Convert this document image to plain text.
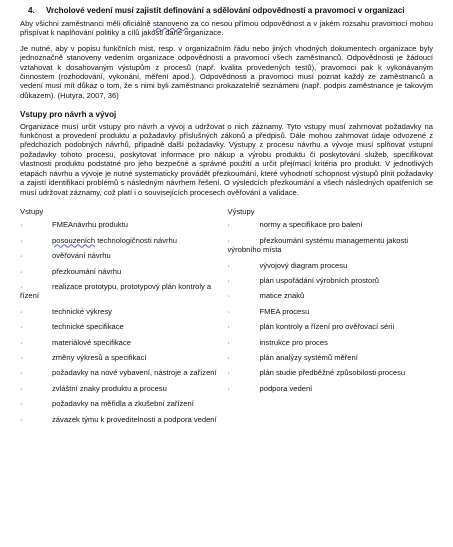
4. Vrcholové vedení musí zajistit definování a sdělování odpovědností a pravomocí v organizaci
Aby všichni zaměstnanci měli oficiálně stanoveno za co nesou přímou odpovědnost a v jakém rozsahu pravomocí mohou přispívat k naplňování politiky a cílů jakosti dané organizace.
Je nutné, aby v popisu funkčních míst, resp. v organizačním řádu nebo jiných vhodných dokumentech organizace byly jednoznačně stanoveny vedením organizace odpovědnosti a pravomoci všech zaměstnanců. Odpovědnosti je žádoucí vztahovat k dosahovaným výstupům z procesů (např. kvalita provedených testů), pravomoci pak k vykonávaným činnostem (rozhodování, vykonání, měření apod.). Odpovědnosti a pravomoci musí poznat každý ze zaměstnanců a vedení musí mít důkaz o tom, že s nimi byli zaměstnanci prokazatelně seznámeni (např. podpis zaměstnance je takovým důkazem). (Hutyra, 2007, 36)
Vstupy pro návrh a vývoj
Organizace musí určit vstupy pro návrh a vývoj a udržovat o nich záznamy. Tyto vstupy musí zahrnovat požadavky na funkčnost a provedení produktu a požadavky příslušných zákonů a předpisů. Dále mohou zahrnovat údaje odvozené z předchozích podobných návrhů, případně další požadavky. Výstupy z procesu návrhu a vývoje musí splňovat vstupní požadavky tohoto procesu, poskytovat informace pro nákup a výrobu produktu či poskytování služeb, specifikovat vlastnosti produktu podstatné pro jeho bezpečné a správné použití a určit přejímací kritéria pro produkt. V jednotlivých etapách návrhu a vývoje je nutné systematicky provádět přezkoumání, které vyhodnotí schopnost výstupů plnit požadavky a zajistí identifikaci problémů s následným návrhem řešení. O výsledcích přezkoumání a všech následných opatřeních se musí udržovat záznamy, což platí i o souvisejících procesech ověřování a validace.
Vstupy
·	FMEAnávrhu produktu
·	posouzeních technologičnosti návrhu
·	ověřování návrhu
·	přezkoumání návrhu
·	realizace prototypu, prototypový plán kontroly a řízení
·	technické výkresy
·	technické specifikace
·	materiálové specifikace
·	změny výkresů a specifikací
·	požadavky na nové vybavení, nástroje a zařízení
·	zvláštní znaky produktu a procesu
·	požadavky na měřidla a zkušební zařízení
·	závazek týmu k proveditelnosti a podpora vedení
Výstupy
·	normy a specifikace pro balení
·	přezkoumání systému managementu jakosti výrobního místa
·	vývojový diagram procesu
·	plán uspořádání výrobních prostorů
·	matice znaků
·	FMEA procesu
·	plán kontroly a řízení pro ověřovací sérii
·	instrukce pro proces
·	plán analýzy systémů měření
·	plán studie předběžné způsobilosti procesu
·	podpora vedení
